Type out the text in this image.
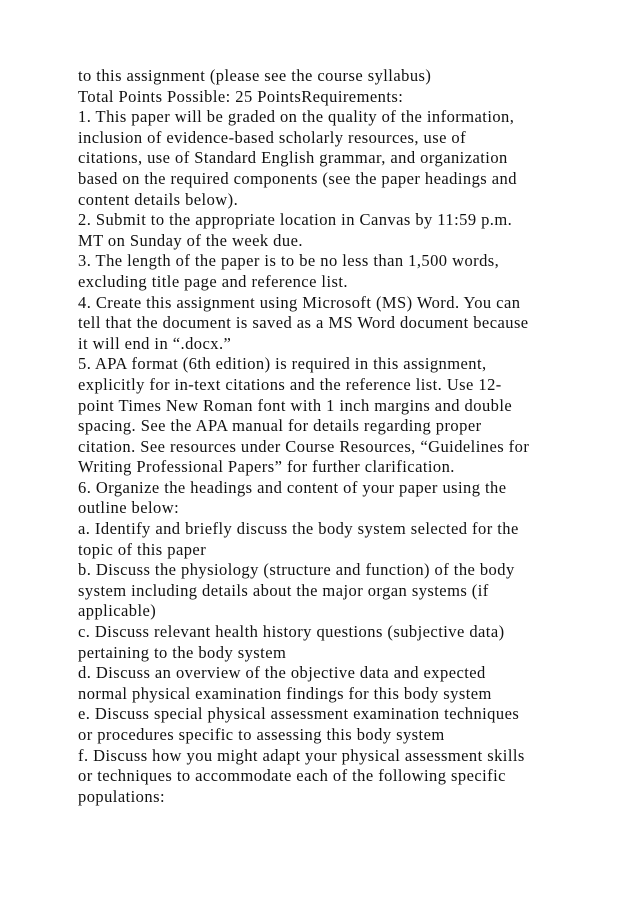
to this assignment (please see the course syllabus)
Total Points Possible: 25 PointsRequirements:
1. This paper will be graded on the quality of the information,
inclusion of evidence-based scholarly resources, use of
citations, use of Standard English grammar, and organization
based on the required components (see the paper headings and
content details below).
2. Submit to the appropriate location in Canvas by 11:59 p.m.
MT on Sunday of the week due.
3. The length of the paper is to be no less than 1,500 words,
excluding title page and reference list.
4. Create this assignment using Microsoft (MS) Word. You can
tell that the document is saved as a MS Word document because
it will end in “.docx.”
5. APA format (6th edition) is required in this assignment,
explicitly for in-text citations and the reference list. Use 12-
point Times New Roman font with 1 inch margins and double
spacing. See the APA manual for details regarding proper
citation. See resources under Course Resources, “Guidelines for
Writing Professional Papers” for further clarification.
6. Organize the headings and content of your paper using the
outline below:
a. Identify and briefly discuss the body system selected for the
topic of this paper
b. Discuss the physiology (structure and function) of the body
system including details about the major organ systems (if
applicable)
c. Discuss relevant health history questions (subjective data)
pertaining to the body system
d. Discuss an overview of the objective data and expected
normal physical examination findings for this body system
e. Discuss special physical assessment examination techniques
or procedures specific to assessing this body system
f. Discuss how you might adapt your physical assessment skills
or techniques to accommodate each of the following specific
populations:
